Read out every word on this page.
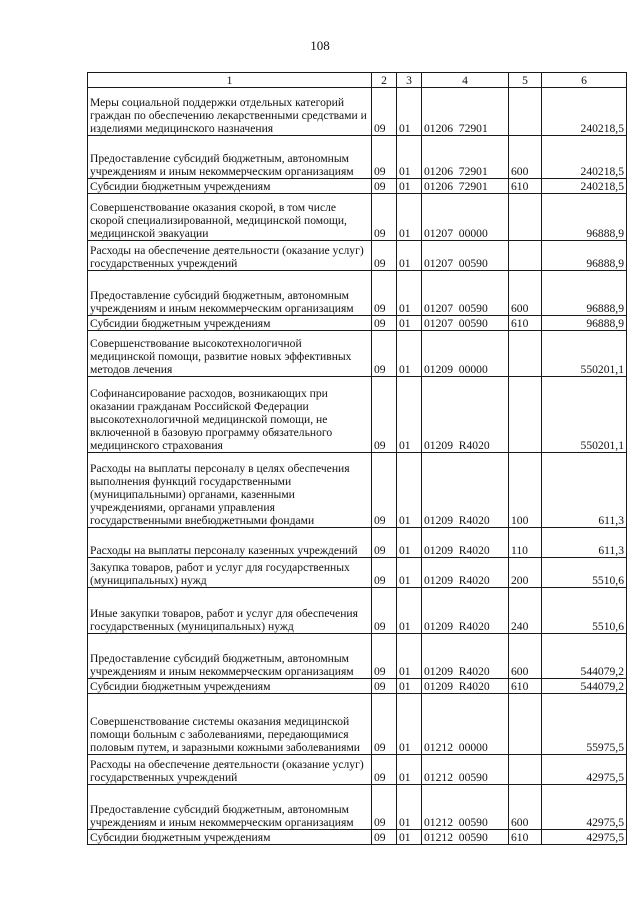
108
1	2	3	4	5	6
Меры социальной поддержки отдельных категорий граждан по обеспечению лекарственными средствами и изделиями медицинского назначения	09	01	01206  72901		240218,5
Предоставление субсидий бюджетным, автономным учреждениям и иным некоммерческим организациям	09	01	01206  72901	600	240218,5
Субсидии бюджетным учреждениям	09	01	01206  72901	610	240218,5
Совершенствование оказания скорой, в том числе скорой специализированной, медицинской помощи, медицинской эвакуации	09	01	01207  00000		96888,9
Расходы на обеспечение деятельности (оказание услуг) государственных учреждений	09	01	01207  00590		96888,9
Предоставление субсидий бюджетным, автономным учреждениям и иным некоммерческим организациям	09	01	01207  00590	600	96888,9
Субсидии бюджетным учреждениям	09	01	01207  00590	610	96888,9
Совершенствование высокотехнологичной медицинской помощи, развитие новых эффективных методов лечения	09	01	01209  00000		550201,1
Софинансирование расходов, возникающих при оказании гражданам Российской Федерации высокотехнологичной медицинской помощи, не включенной в базовую программу обязательного медицинского страхования	09	01	01209  R4020		550201,1
Расходы на выплаты персоналу в целях обеспечения выполнения функций государственными (муниципальными) органами, казенными учреждениями, органами управления государственными внебюджетными фондами	09	01	01209  R4020	100	611,3
Расходы на выплаты персоналу казенных учреждений	09	01	01209  R4020	110	611,3
Закупка товаров, работ и услуг для государственных (муниципальных) нужд	09	01	01209  R4020	200	5510,6
Иные закупки товаров, работ и услуг для обеспечения государственных (муниципальных) нужд	09	01	01209  R4020	240	5510,6
Предоставление субсидий бюджетным, автономным учреждениям и иным некоммерческим организациям	09	01	01209  R4020	600	544079,2
Субсидии бюджетным учреждениям	09	01	01209  R4020	610	544079,2
Совершенствование системы оказания медицинской помощи больным с заболеваниями, передающимися половым путем, и заразными кожными заболеваниями	09	01	01212  00000		55975,5
Расходы на обеспечение деятельности (оказание услуг) государственных учреждений	09	01	01212  00590		42975,5
Предоставление субсидий бюджетным, автономным учреждениям и иным некоммерческим организациям	09	01	01212  00590	600	42975,5
Субсидии бюджетным учреждениям	09	01	01212  00590	610	42975,5
